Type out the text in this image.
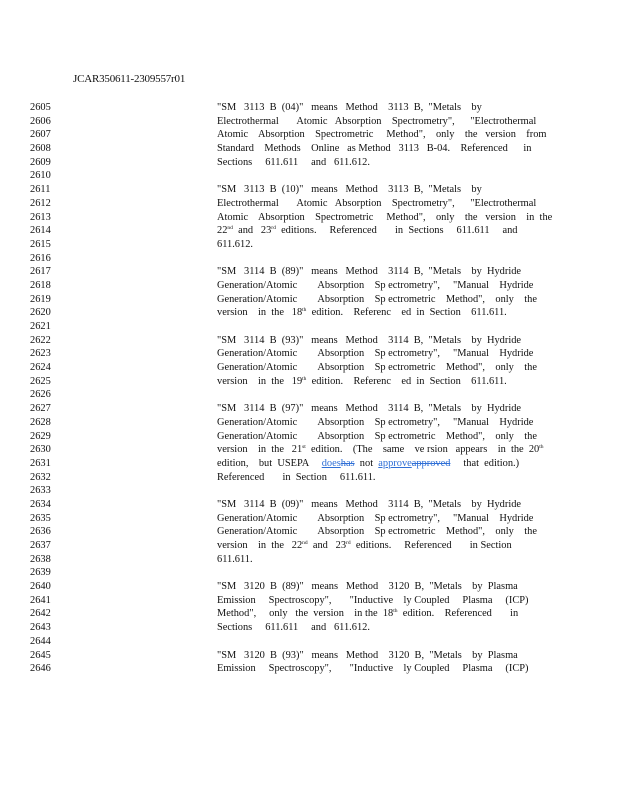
JCAR350611-2309557r01
2605	"SM   3113  B  (04)"   means   Method    3113  B,  "Metals    by
2606	Electrothermal       Atomic   Absorption    Spectrometry",      "Electrothermal
2607	Atomic    Absorption    Spectrometric     Method",    only    the   version    from
2608	Standard    Methods    Online   as Method   3113   B-04.    Referenced      in
2609	Sections     611.611     and   611.612.
2610
2611	"SM   3113  B  (10)"   means   Method    3113  B,  "Metals    by
2612	Electrothermal       Atomic   Absorption    Spectrometry",      "Electrothermal
2613	Atomic    Absorption    Spectrometric     Method",    only    the   version    in  the
2614	22nd  and   23rd  editions.     Referenced       in  Sections     611.611     and
2615	611.612.
2616
2617	"SM   3114  B  (89)"   means   Method    3114  B,  "Metals    by  Hydride
2618	Generation/Atomic        Absorption    Sp ectrometry",     "Manual    Hydride
2619	Generation/Atomic        Absorption    Sp ectrometric    Method",    only    the
2620	version    in  the   18th  edition.    Referenc    ed  in  Section    611.611.
2621
2622	"SM   3114  B  (93)"   means   Method    3114  B,  "Metals    by  Hydride
2623	Generation/Atomic        Absorption    Sp ectrometry",     "Manual    Hydride
2624	Generation/Atomic        Absorption    Sp ectrometric    Method",    only    the
2625	version    in  the   19th  edition.    Referenc    ed  in  Section    611.611.
2626
2627	"SM   3114  B  (97)"   means   Method    3114  B,  "Metals    by  Hydride
2628	Generation/Atomic        Absorption    Sp ectrometry",     "Manual    Hydride
2629	Generation/Atomic        Absorption    Sp ectrometric    Method",    only    the
2630	version    in  the   21st  edition.    (The    same    ve rsion   appears    in  the  20th
2631	edition,    but  USEPA     doeshas  not  approveapproved     that  edition.)
2632	Referenced       in  Section     611.611.
2633
2634	"SM   3114  B  (09)"   means   Method    3114  B,  "Metals    by  Hydride
2635	Generation/Atomic        Absorption    Sp ectrometry",     "Manual    Hydride
2636	Generation/Atomic        Absorption    Sp ectrometric    Method",    only    the
2637	version    in  the   22nd  and   23rd  editions.     Referenced       in Section
2638	611.611.
2639
2640	"SM   3120  B  (89)"   means   Method    3120  B,  "Metals    by  Plasma
2641	Emission     Spectroscopy",       "Inductive    ly Coupled     Plasma     (ICP)
2642	Method",     only   the  version    in the  18th  edition.    Referenced       in
2643	Sections     611.611     and   611.612.
2644
2645	"SM   3120  B  (93)"   means   Method    3120  B,  "Metals    by  Plasma
2646	Emission     Spectroscopy",       "Inductive    ly Coupled     Plasma     (ICP)
